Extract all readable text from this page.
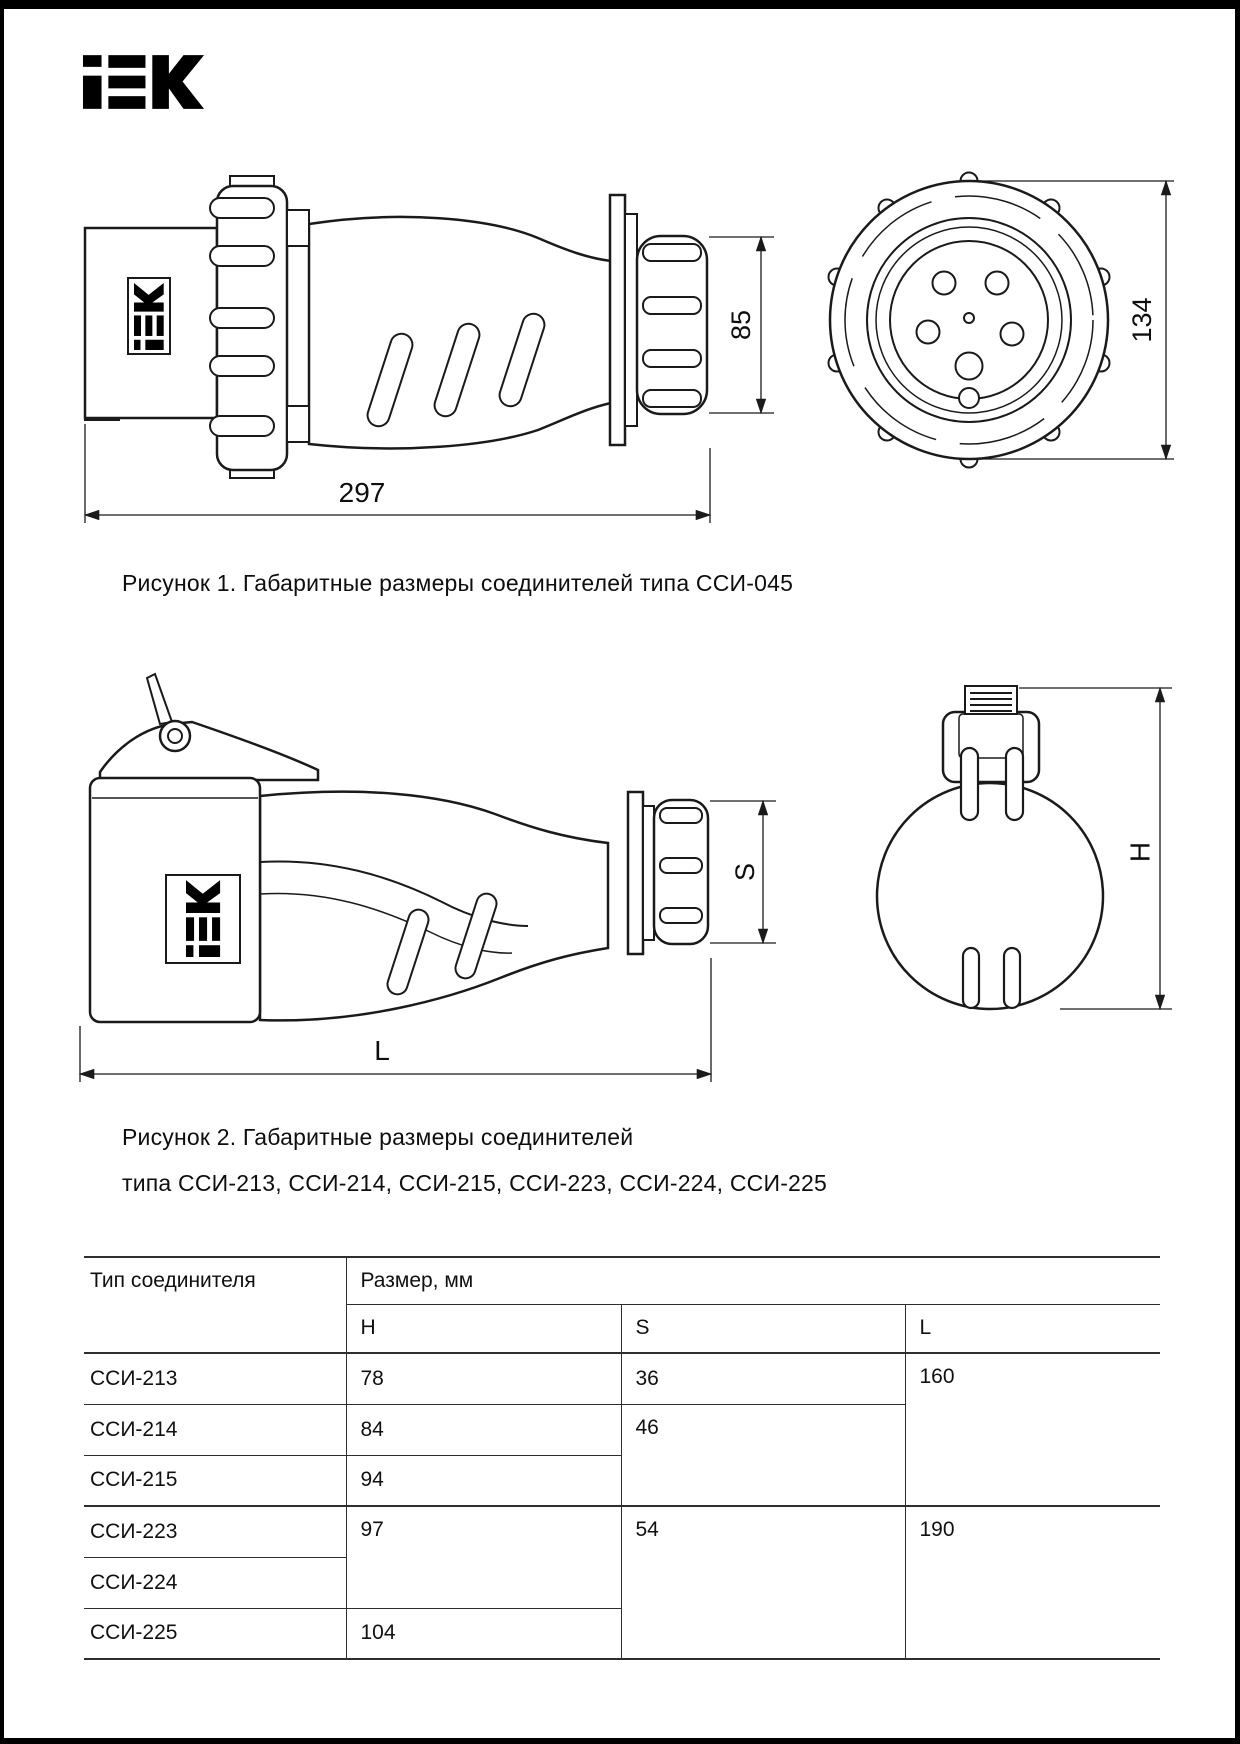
85
297
134
Рисунок 1. Габаритные размеры соединителей типа ССИ-045
S
L
H
Рисунок 2. Габаритные размеры соединителей
типа ССИ-213, ССИ-214, ССИ-215, ССИ-223, ССИ-224, ССИ-225
Тип соединителя	Размер, мм		
	H	S	L
ССИ-213	78	36	160
ССИ-214	84	46	
ССИ-215	94		
ССИ-223	97	54	190
ССИ-224			
ССИ-225	104		
